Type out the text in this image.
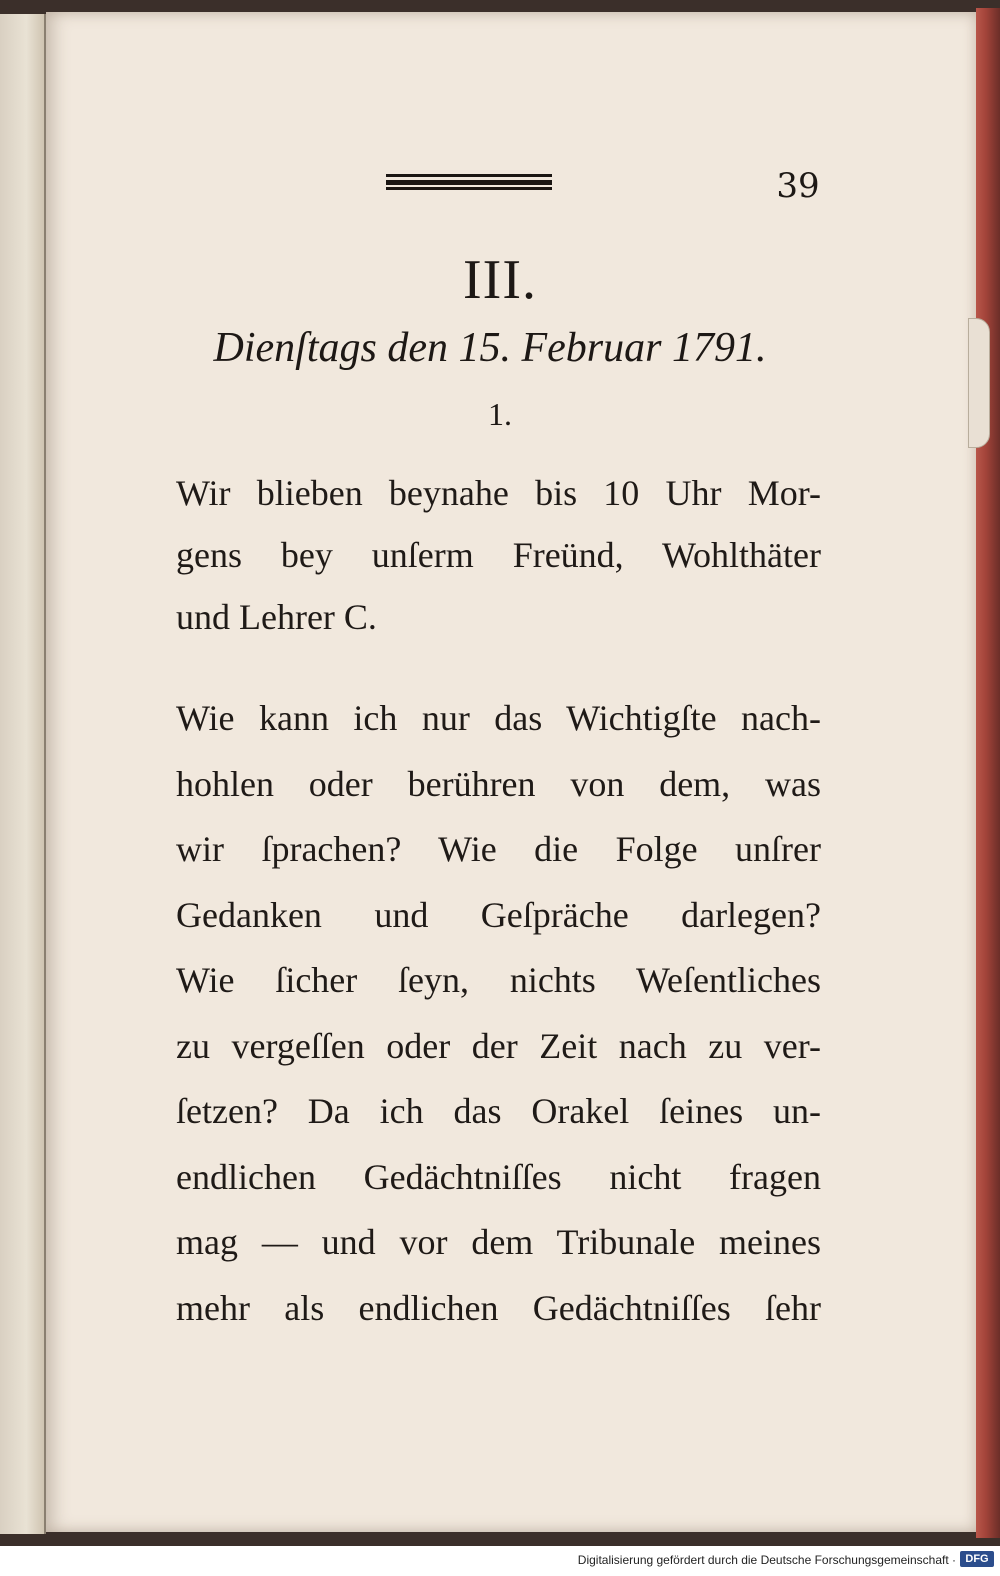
39
III.
Dienſtags den 15. Februar 1791.
1.
Wir blieben beynahe bis 10 Uhr Mor-
gens bey unſerm Freünd, Wohlthäter
und Lehrer C.
Wie kann ich nur das Wichtigſte nach-
hohlen oder berühren von dem, was
wir ſprachen? Wie die Folge unſrer
Gedanken und Geſpräche darlegen?
Wie ſicher ſeyn, nichts Weſentliches
zu vergeſſen oder der Zeit nach zu ver-
ſetzen? Da ich das Orakel ſeines un-
endlichen Gedächtniſſes nicht fragen
mag — und vor dem Tribunale meines
mehr als endlichen Gedächtniſſes ſehr
Digitalisierung gefördert durch die Deutsche Forschungsgemeinschaft · DFG
